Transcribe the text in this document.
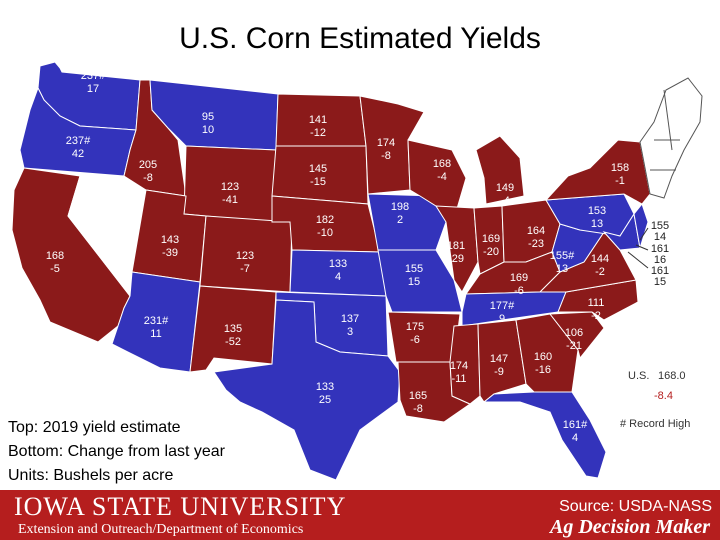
U.S. Corn Estimated Yields
237#
17
237#
42
168
-5
205
-8
95
10
123
-41
143
-39
231#
11
123
-7
135
-52
141
-12
145
-15
182
-10
133
4
137
3
133
25
174
-8
198
2
155
15
175
-6
165
-8
168
-4
181
-29
149
-4
169
-20
164
-23
169
-6
177#
9
174
-11
147
-9
160
-16
161#
4
106
-21
111
-2
144
-2
155#
13
153
13
158
-1
155
14
161
16
161
15
Top: 2019 yield estimate
Bottom: Change from last year
Units: Bushels per acre
U.S. 168.0
-8.4
# Record High
IOWA STATE UNIVERSITY
Extension and Outreach/Department of Economics
Source: USDA-NASS
Ag Decision Maker
